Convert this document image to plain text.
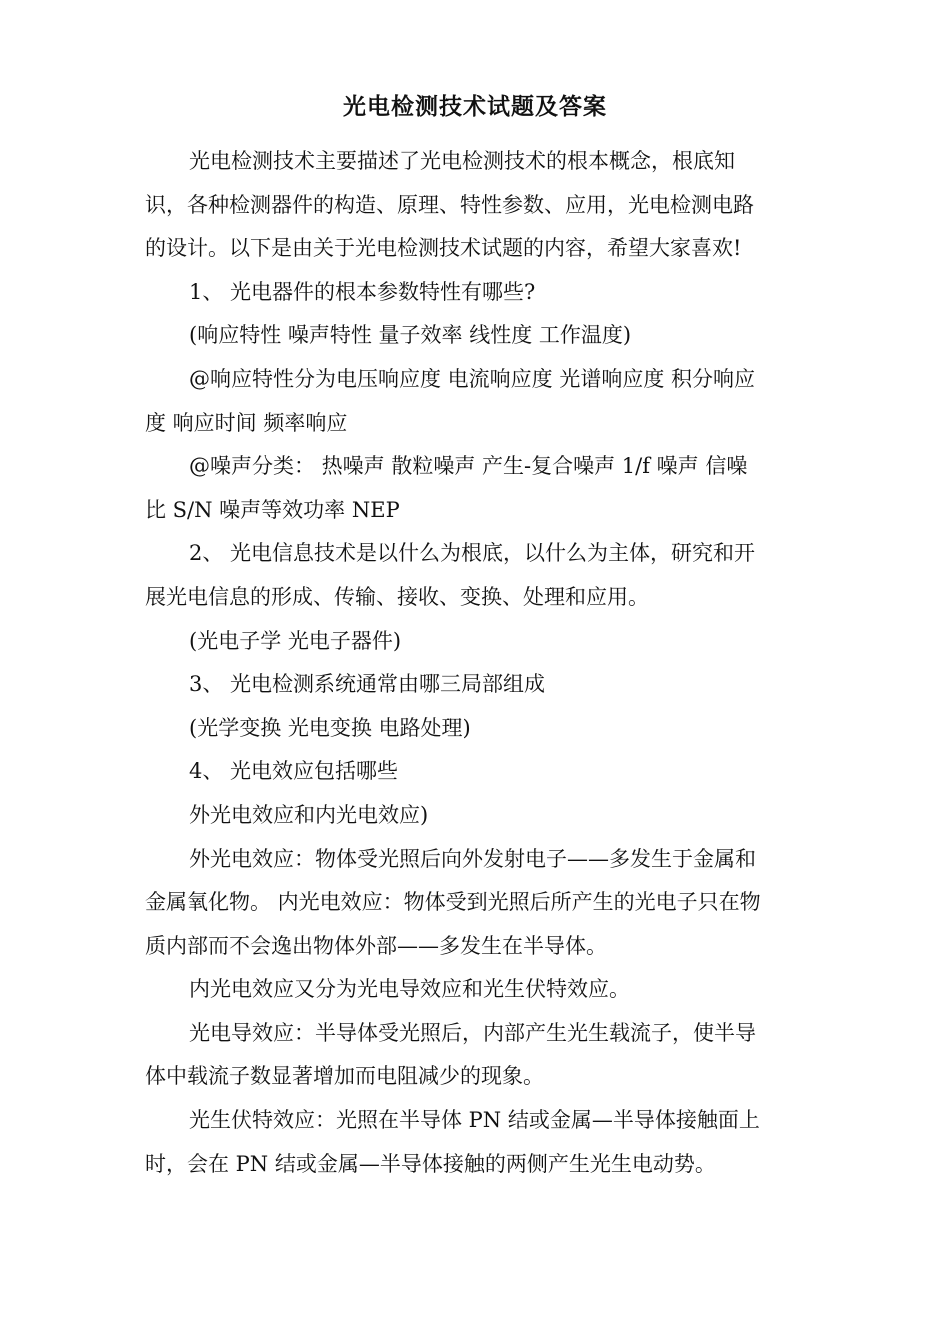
光电检测技术试题及答案
光电检测技术主要描述了光电检测技术的根本概念，根底知
识，各种检测器件的构造、原理、特性参数、应用，光电检测电路
的设计。以下是由关于光电检测技术试题的内容，希望大家喜欢!
1、 光电器件的根本参数特性有哪些?
(响应特性 噪声特性 量子效率 线性度 工作温度)
@响应特性分为电压响应度 电流响应度 光谱响应度 积分响应
度 响应时间 频率响应
@噪声分类： 热噪声 散粒噪声 产生-复合噪声 1/f 噪声 信噪
比 S/N 噪声等效功率 NEP
2、 光电信息技术是以什么为根底，以什么为主体，研究和开
展光电信息的形成、传输、接收、变换、处理和应用。
(光电子学 光电子器件)
3、 光电检测系统通常由哪三局部组成
(光学变换 光电变换 电路处理)
4、 光电效应包括哪些
外光电效应和内光电效应)
外光电效应：物体受光照后向外发射电子——多发生于金属和
金属氧化物。 内光电效应：物体受到光照后所产生的光电子只在物
质内部而不会逸出物体外部——多发生在半导体。
内光电效应又分为光电导效应和光生伏特效应。
光电导效应：半导体受光照后，内部产生光生载流子，使半导
体中载流子数显著增加而电阻减少的现象。
光生伏特效应：光照在半导体 PN 结或金属—半导体接触面上
时，会在 PN 结或金属—半导体接触的两侧产生光生电动势。
